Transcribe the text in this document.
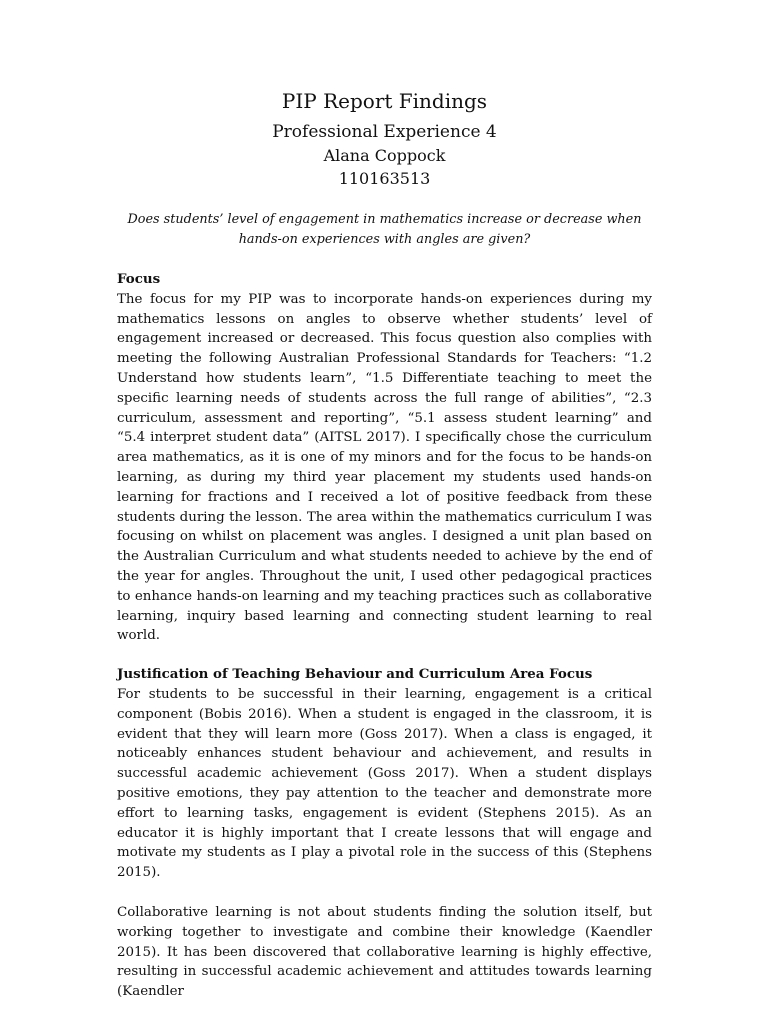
PIP Report Findings
Professional Experience 4
Alana Coppock
110163513

Does students’ level of engagement in mathematics increase or decrease when hands-on experiences with angles are given?

Focus

The focus for my PIP was to incorporate hands-on experiences during my mathematics lessons on angles to observe whether students’ level of engagement increased or decreased. This focus question also complies with meeting the following Australian Professional Standards for Teachers: “1.2 Understand how students learn”, “1.5 Differentiate teaching to meet the specific learning needs of students across the full range of abilities”, “2.3 curriculum, assessment and reporting”, “5.1 assess student learning” and “5.4 interpret student data” (AITSL 2017). I specifically chose the curriculum area mathematics, as it is one of my minors and for the focus to be hands-on learning, as during my third year placement my students used hands-on learning for fractions and I received a lot of positive feedback from these students during the lesson. The area within the mathematics curriculum I was focusing on whilst on placement was angles. I designed a unit plan based on the Australian Curriculum and what students needed to achieve by the end of the year for angles. Throughout the unit, I used other pedagogical practices to enhance hands-on learning and my teaching practices such as collaborative learning, inquiry based learning and connecting student learning to real world.

Justification of Teaching Behaviour and Curriculum Area Focus

For students to be successful in their learning, engagement is a critical component (Bobis 2016). When a student is engaged in the classroom, it is evident that they will learn more (Goss 2017). When a class is engaged, it noticeably enhances student behaviour and achievement, and results in successful academic achievement (Goss 2017). When a student displays positive emotions, they pay attention to the teacher and demonstrate more effort to learning tasks, engagement is evident (Stephens 2015). As an educator it is highly important that I create lessons that will engage and motivate my students as I play a pivotal role in the success of this (Stephens 2015).

Collaborative learning is not about students finding the solution itself, but working together to investigate and combine their knowledge (Kaendler 2015). It has been discovered that collaborative learning is highly effective, resulting in successful academic achievement and attitudes towards learning (Kaendler
